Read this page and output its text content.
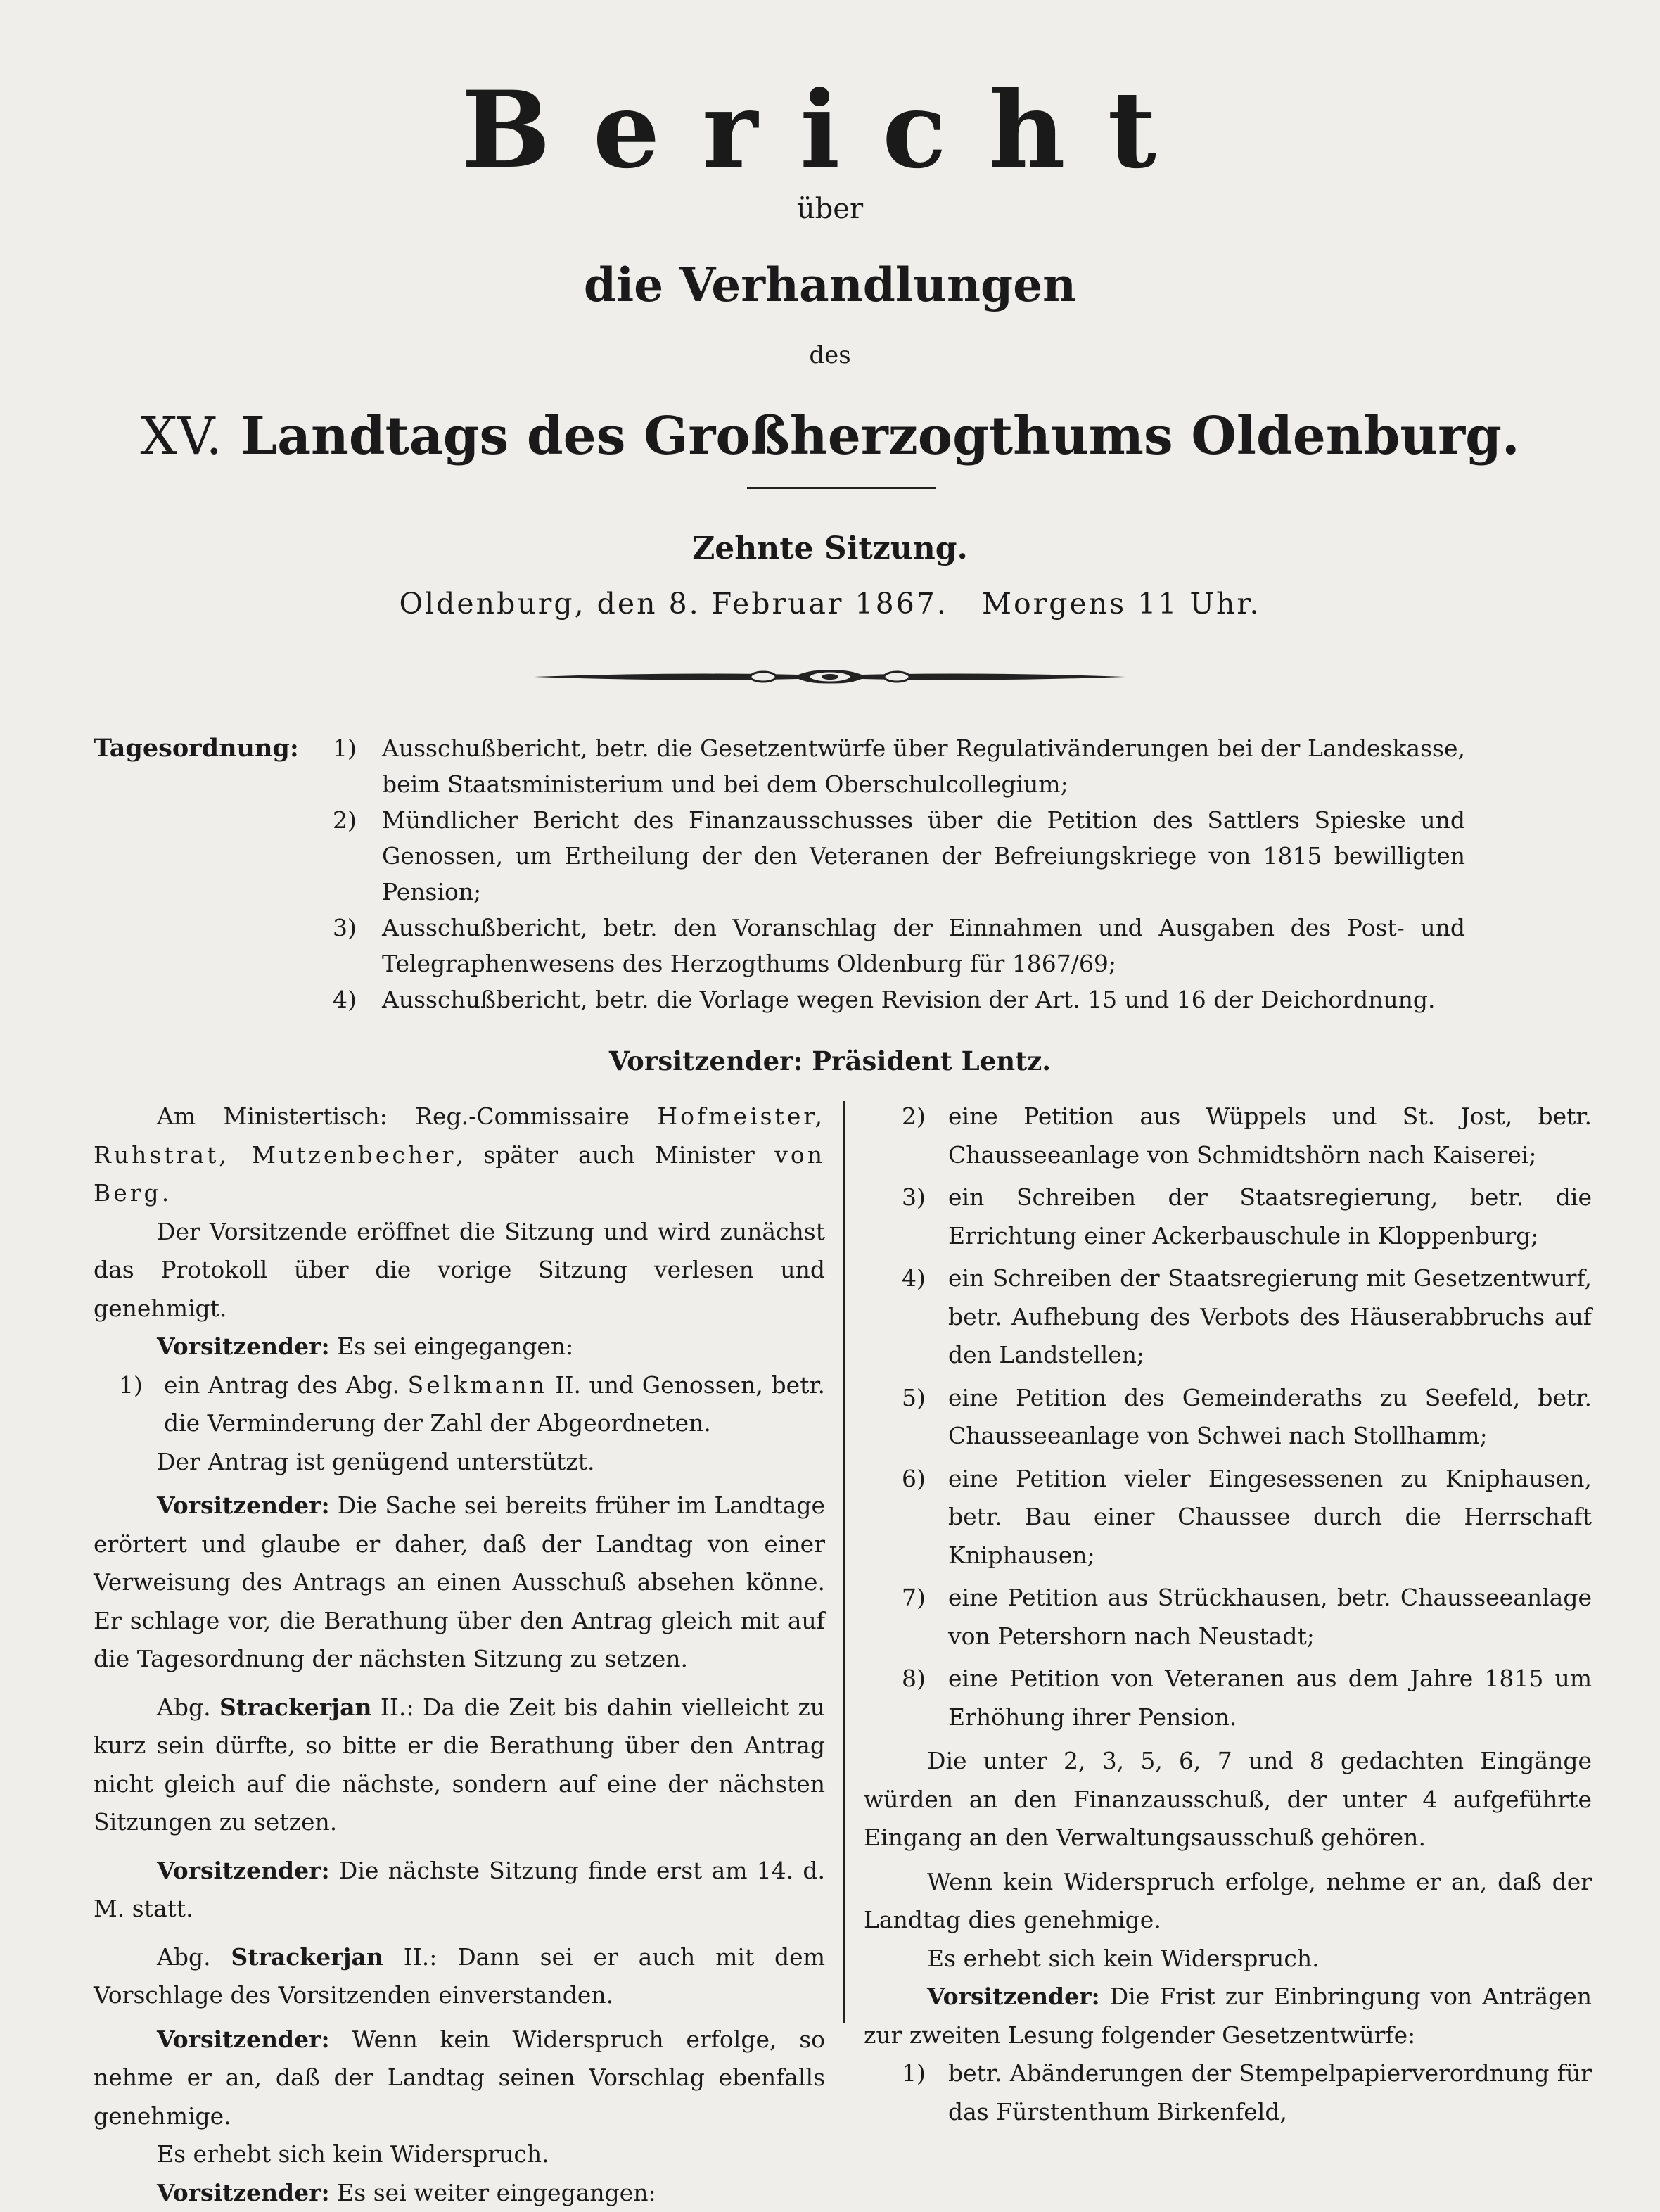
Bericht
über
die Verhandlungen
des
XV. Landtags des Großherzogthums Oldenburg.
Zehnte Sitzung.
Oldenburg, den 8. Februar 1867.   Morgens 11 Uhr.
Tagesordnung: 1) Ausschußbericht, betr. die Gesetzentwürfe über Regulativänderungen bei der Landeskasse, beim Staatsministerium und bei dem Oberschulcollegium;
2) Mündlicher Bericht des Finanzausschusses über die Petition des Sattlers Spieske und Genossen, um Ertheilung der den Veteranen der Befreiungskriege von 1815 bewilligten Pension;
3) Ausschußbericht, betr. den Voranschlag der Einnahmen und Ausgaben des Post- und Telegraphenwesens des Herzogthums Oldenburg für 1867/69;
4) Ausschußbericht, betr. die Vorlage wegen Revision der Art. 15 und 16 der Deichordnung.
Vorsitzender: Präsident Lentz.

Am Ministertisch: Reg.-Commissaire Hofmeister, Ruhstrat, Mutzenbecher, später auch Minister von Berg.

Der Vorsitzende eröffnet die Sitzung und wird zunächst das Protokoll über die vorige Sitzung verlesen und genehmigt.

Vorsitzender: Es sei eingegangen:

1) ein Antrag des Abg. Selkmann II. und Genossen, betr. die Verminderung der Zahl der Abgeordneten.

Der Antrag ist genügend unterstützt.

Vorsitzender: Die Sache sei bereits früher im Landtage erörtert und glaube er daher, daß der Landtag von einer Verweisung des Antrags an einen Ausschuß absehen könne. Er schlage vor, die Berathung über den Antrag gleich mit auf die Tagesordnung der nächsten Sitzung zu setzen.

Abg. Strackerjan II.: Da die Zeit bis dahin vielleicht zu kurz sein dürfte, so bitte er die Berathung über den Antrag nicht gleich auf die nächste, sondern auf eine der nächsten Sitzungen zu setzen.

Vorsitzender: Die nächste Sitzung finde erst am 14. d. M. statt.

Abg. Strackerjan II.: Dann sei er auch mit dem Vorschlage des Vorsitzenden einverstanden.

Vorsitzender: Wenn kein Widerspruch erfolge, so nehme er an, daß der Landtag seinen Vorschlag ebenfalls genehmige.

Es erhebt sich kein Widerspruch.

Vorsitzender: Es sei weiter eingegangen:

2) eine Petition aus Wüppels und St. Jost, betr. Chausseeanlage von Schmidtshörn nach Kaiserei;

3) ein Schreiben der Staatsregierung, betr. die Errichtung einer Ackerbauschule in Kloppenburg;

4) ein Schreiben der Staatsregierung mit Gesetzentwurf, betr. Aufhebung des Verbots des Häuserabbruchs auf den Landstellen;

5) eine Petition des Gemeinderaths zu Seefeld, betr. Chausseeanlage von Schwei nach Stollhamm;

6) eine Petition vieler Eingesessenen zu Kniphausen, betr. Bau einer Chaussee durch die Herrschaft Kniphausen;

7) eine Petition aus Strückhausen, betr. Chausseeanlage von Petershorn nach Neustadt;

8) eine Petition von Veteranen aus dem Jahre 1815 um Erhöhung ihrer Pension.

Die unter 2, 3, 5, 6, 7 und 8 gedachten Eingänge würden an den Finanzausschuß, der unter 4 aufgeführte Eingang an den Verwaltungsausschuß gehören.

Wenn kein Widerspruch erfolge, nehme er an, daß der Landtag dies genehmige.

Es erhebt sich kein Widerspruch.

Vorsitzender: Die Frist zur Einbringung von Anträgen zur zweiten Lesung folgender Gesetzentwürfe:

1) betr. Abänderungen der Stempelpapierverordnung für das Fürstenthum Birkenfeld,
